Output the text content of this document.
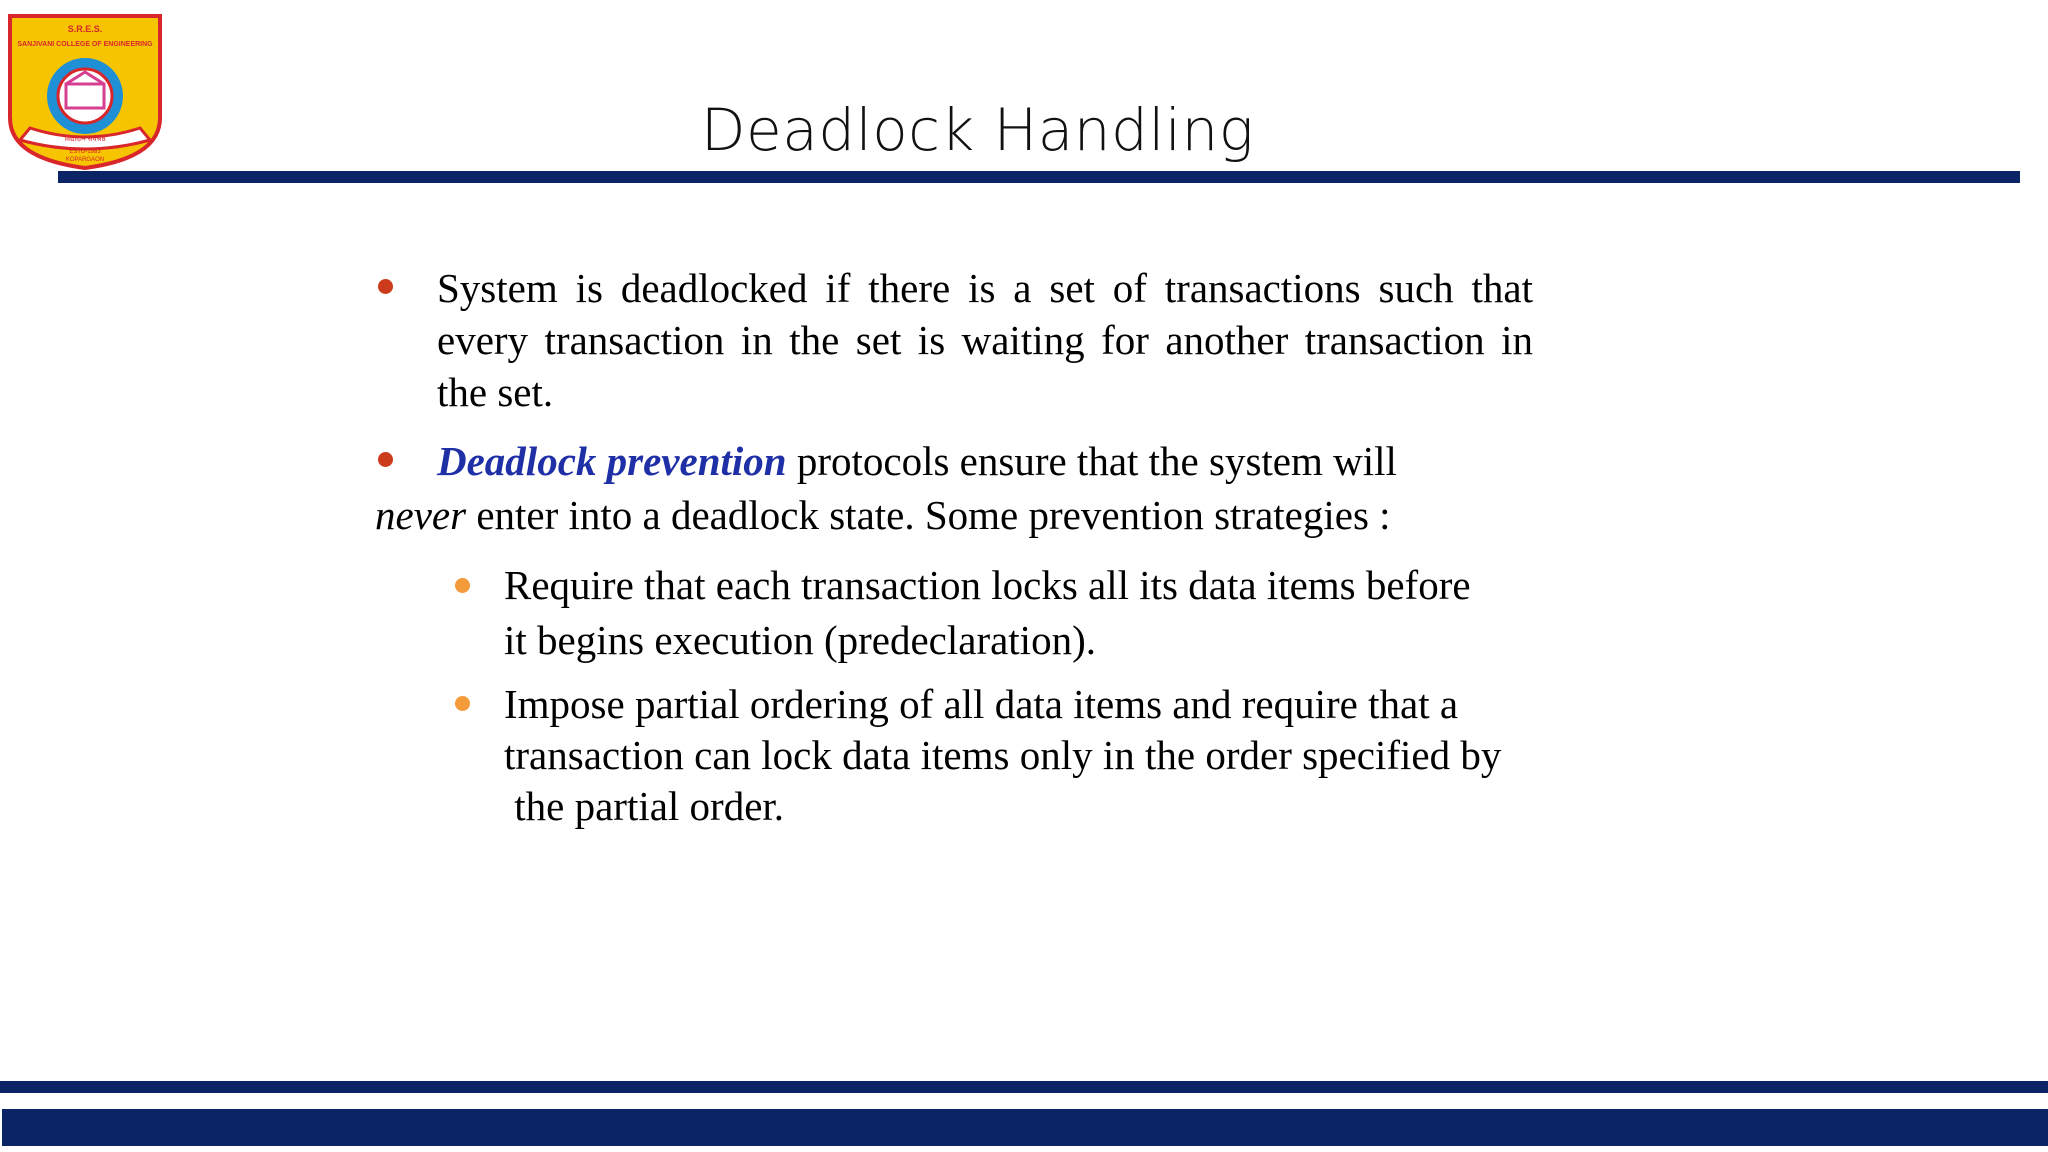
S.R.E.S.
SANJIVANI COLLEGE OF ENGINEERING
विद्यादानं सर्वश्रेष्ठं
ESTD-1983
KOPARGAON	Deadlock Handling
System is deadlocked if there is a set of transactions such that
every transaction in the set is waiting for another transaction in
the set.
Deadlock prevention protocols ensure that the system will
never enter into a deadlock state. Some prevention strategies :
Require that each transaction locks all its data items before
it begins execution (predeclaration).
Impose partial ordering of all data items and require that a
transaction can lock data items only in the order specified by
the partial order.
